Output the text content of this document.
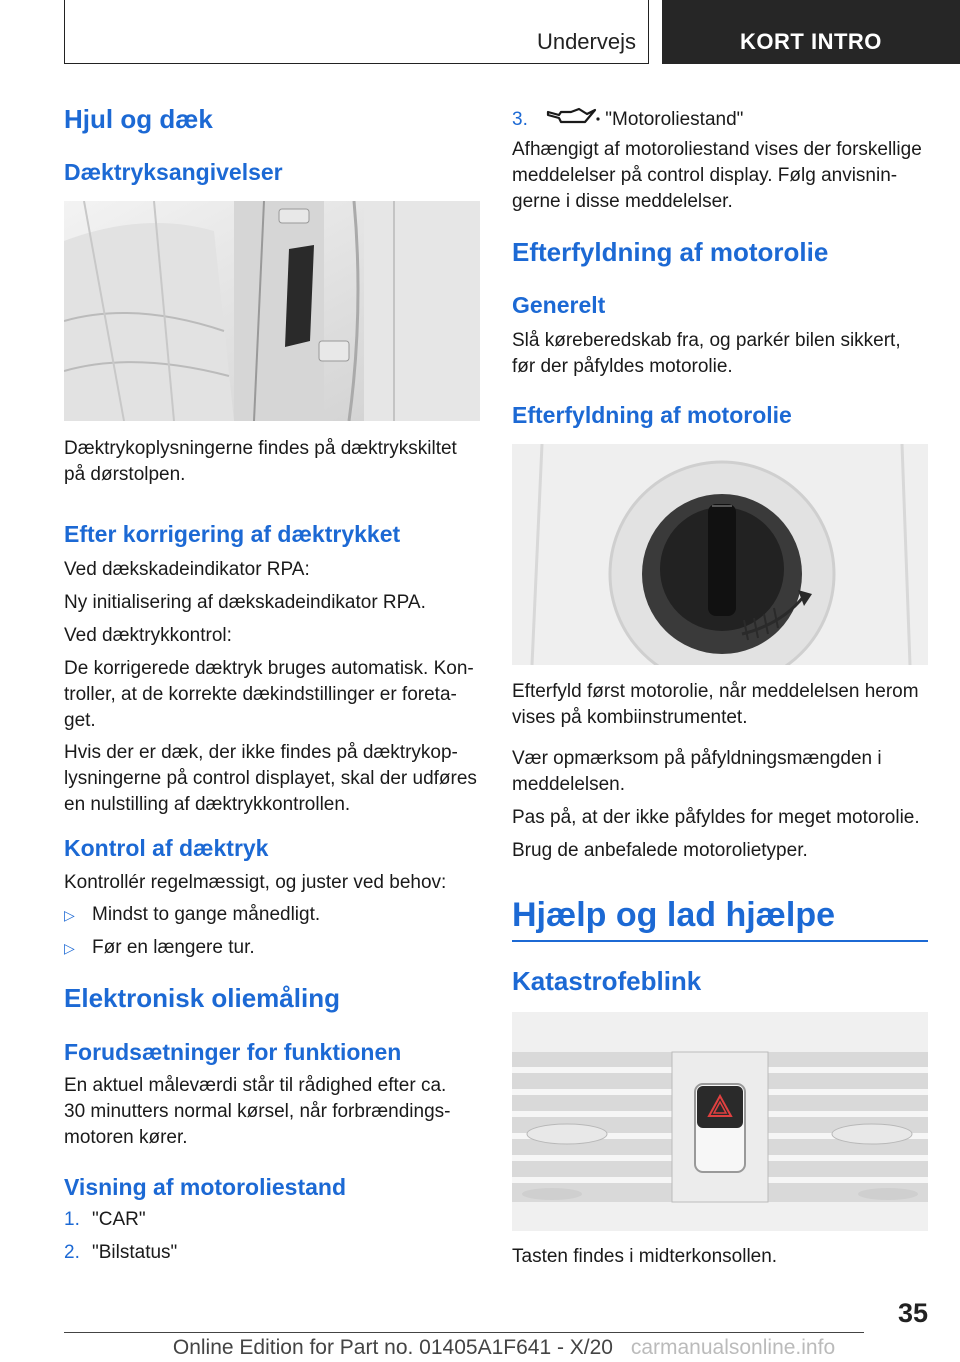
Undervejs	KORT INTRO
Hjul og dæk
Dæktryksangivelser
Dæktrykoplysningerne findes på dæktrykskiltet på dørstolpen.
Efter korrigering af dæktrykket
Ved dækskadeindikator RPA:
Ny initialisering af dækskadeindikator RPA.
Ved dæktrykkontrol:
De korrigerede dæktryk bruges automatisk. Kon-troller, at de korrekte dækindstillinger er foreta-get.
Hvis der er dæk, der ikke findes på dæktrykop-lysningerne på control displayet, skal der udføres en nulstilling af dæktrykkontrollen.
Kontrol af dæktryk
Kontrollér regelmæssigt, og juster ved behov:
▷ Mindst to gange månedligt.
▷ Før en længere tur.
Elektronisk oliemåling
Forudsætninger for funktionen
En aktuel måleværdi står til rådighed efter ca. 30 minutters normal kørsel, når forbrændings-motoren kører.
Visning af motoroliestand
1. "CAR"
2. "Bilstatus"
3.	"Motoroliestand"
Afhængigt af motoroliestand vises der forskellige meddelelser på control display. Følg anvisnin-gerne i disse meddelelser.
Efterfyldning af motorolie
Generelt
Slå køreberedskab fra, og parkér bilen sikkert, før der påfyldes motorolie.
Efterfyldning af motorolie
Efterfyld først motorolie, når meddelelsen herom vises på kombiinstrumentet.
Vær opmærksom på påfyldningsmængden i meddelelsen.
Pas på, at der ikke påfyldes for meget motorolie.
Brug de anbefalede motorolietyper.
Hjælp og lad hjælpe
Katastrofeblink
Tasten findes i midterkonsollen.
35
Online Edition for Part no. 01405A1F641 - X/20 carmanualsonline.info
